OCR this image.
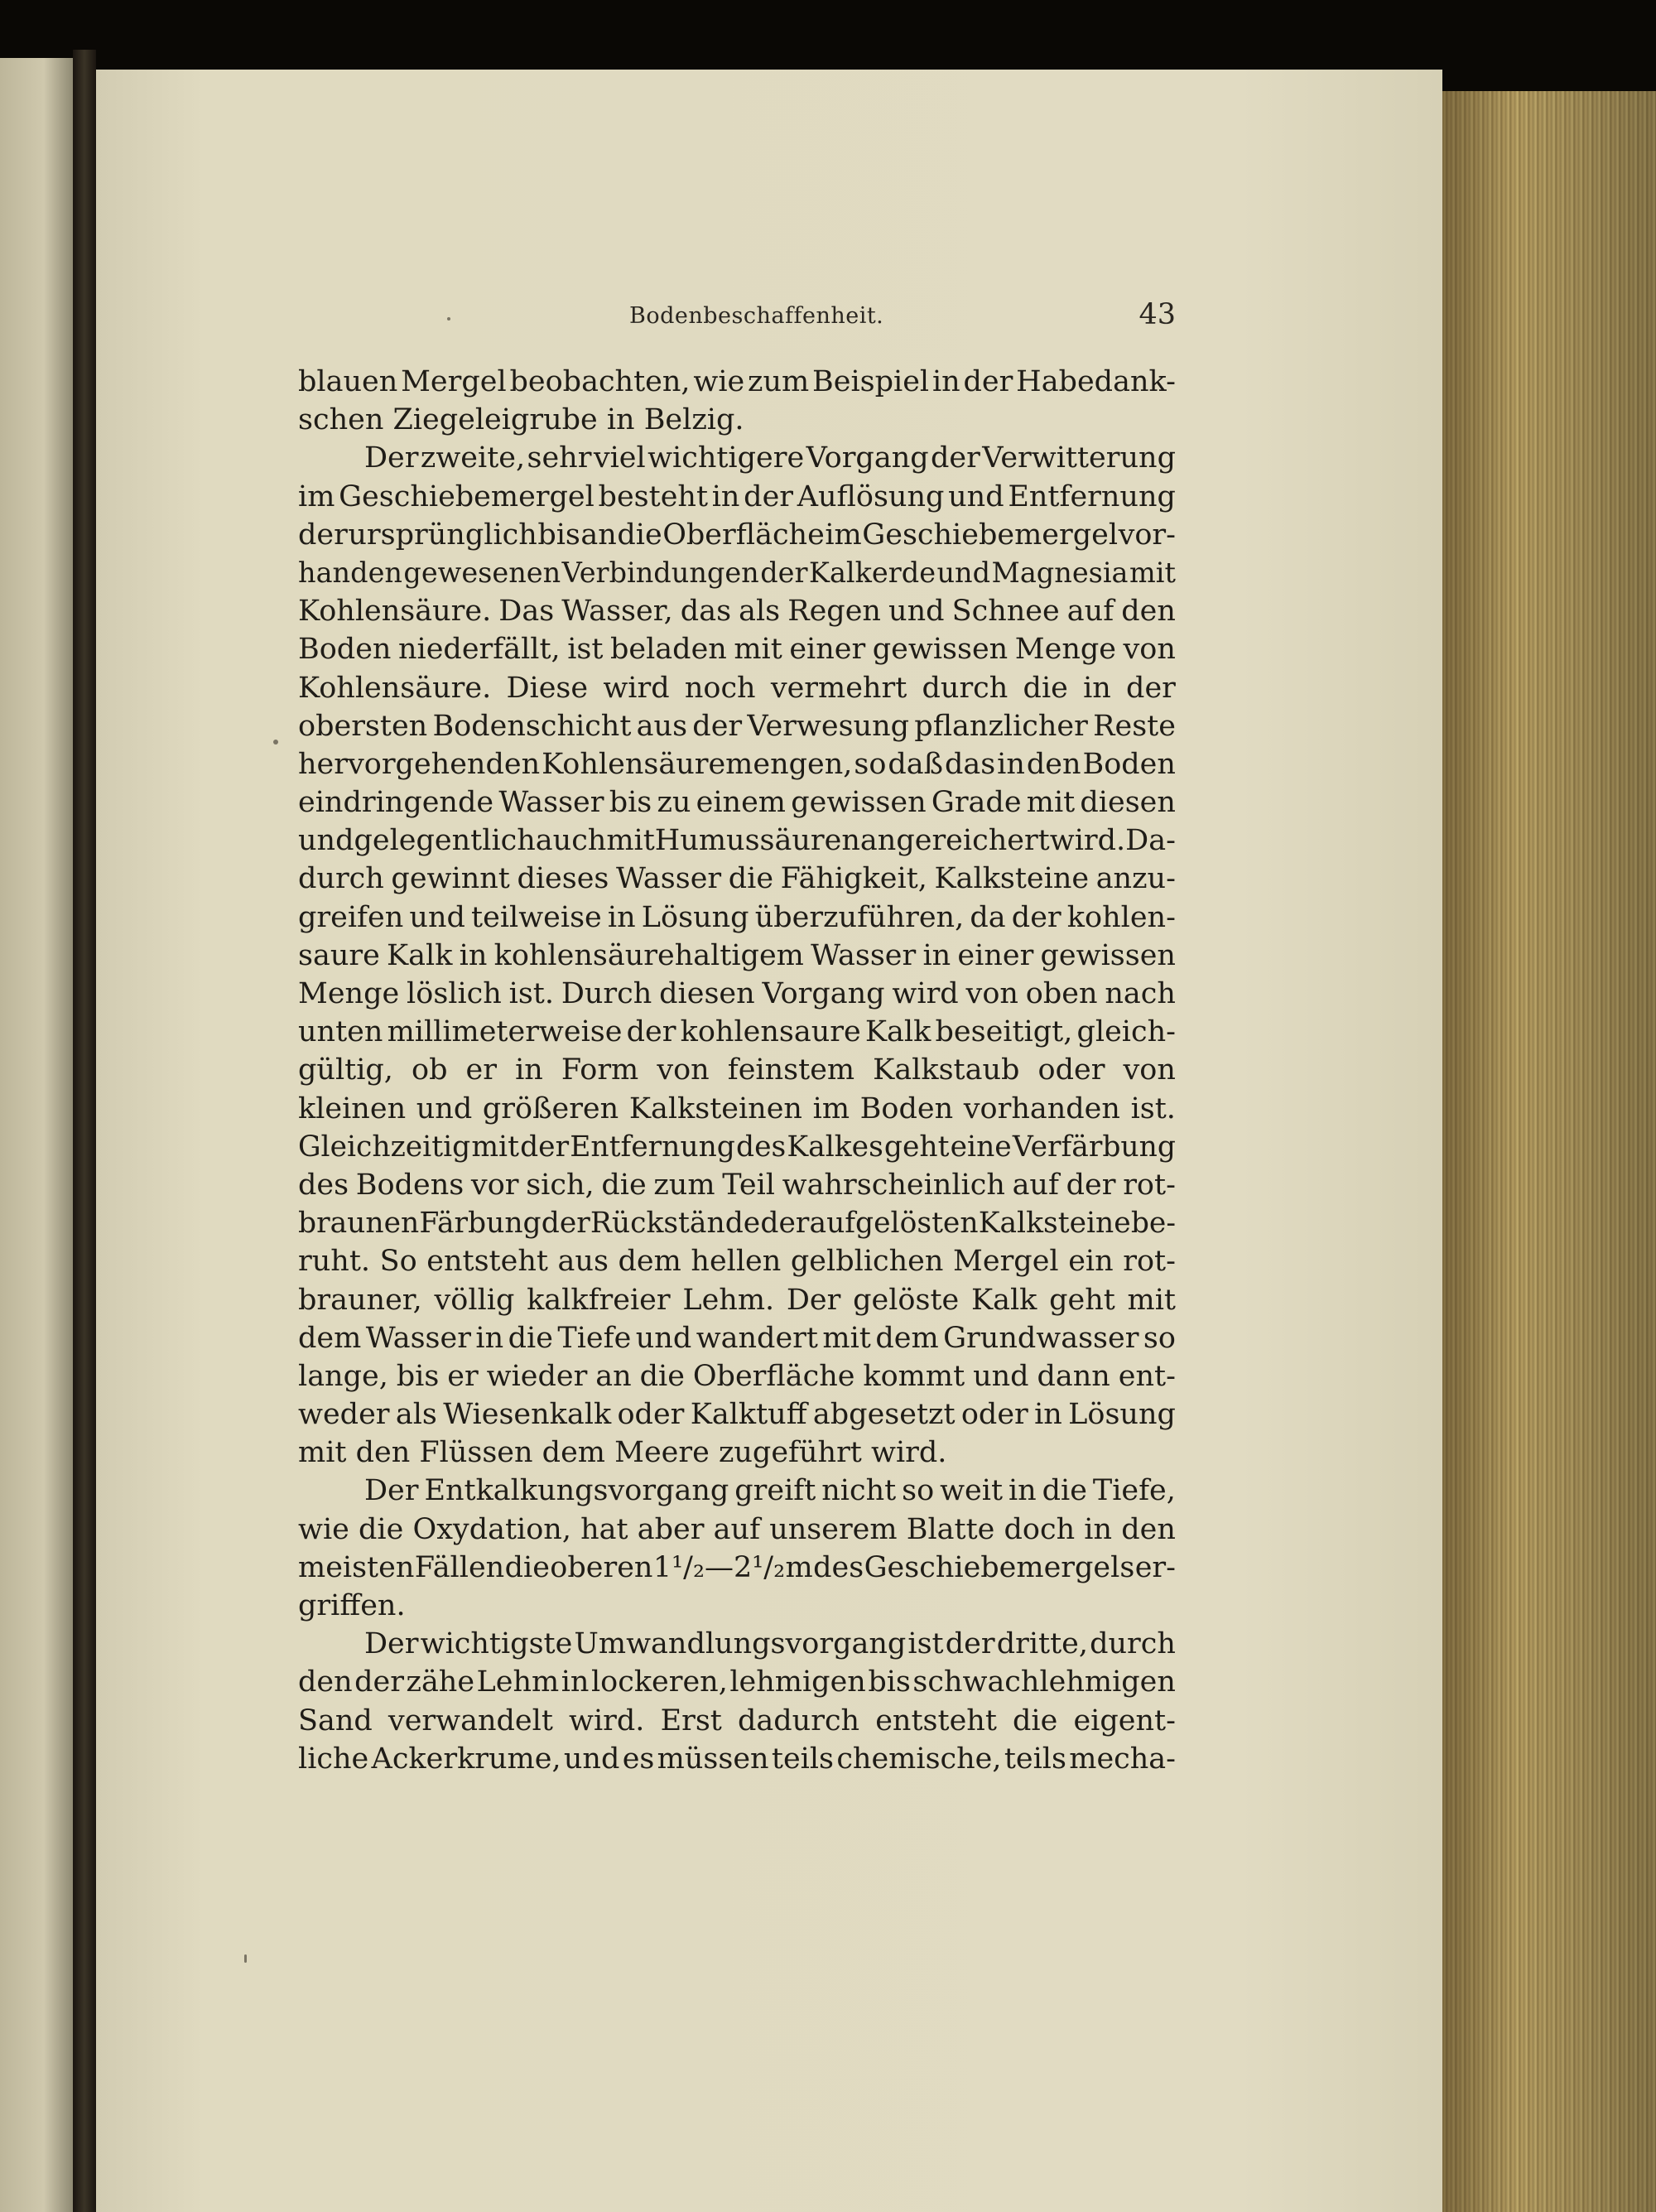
Bodenbeschaffenheit.	43
blauen Mergel beobachten, wie zum Beispiel in der Habedank-
schen Ziegeleigrube in Belzig.
Der zweite, sehr viel wichtigere Vorgang der Verwitterung
im Geschiebemergel besteht in der Auflösung und Entfernung
der ursprünglich bis an die Oberfläche im Geschiebemergel vor-
handen gewesenen Verbindungen der Kalkerde und Magnesia mit
Kohlensäure. Das Wasser, das als Regen und Schnee auf den
Boden niederfällt, ist beladen mit einer gewissen Menge von
Kohlensäure. Diese wird noch vermehrt durch die in der
obersten Bodenschicht aus der Verwesung pflanzlicher Reste
hervorgehenden Kohlensäuremengen, so daß das in den Boden
eindringende Wasser bis zu einem gewissen Grade mit diesen
und gelegentlich auch mit Humussäuren angereichert wird. Da-
durch gewinnt dieses Wasser die Fähigkeit, Kalksteine anzu-
greifen und teilweise in Lösung überzuführen, da der kohlen-
saure Kalk in kohlensäurehaltigem Wasser in einer gewissen
Menge löslich ist. Durch diesen Vorgang wird von oben nach
unten millimeterweise der kohlensaure Kalk beseitigt, gleich-
gültig, ob er in Form von feinstem Kalkstaub oder von
kleinen und größeren Kalksteinen im Boden vorhanden ist.
Gleichzeitig mit der Entfernung des Kalkes geht eine Verfärbung
des Bodens vor sich, die zum Teil wahrscheinlich auf der rot-
braunen Färbung der Rückstände der aufgelösten Kalksteine be-
ruht. So entsteht aus dem hellen gelblichen Mergel ein rot-
brauner, völlig kalkfreier Lehm. Der gelöste Kalk geht mit
dem Wasser in die Tiefe und wandert mit dem Grundwasser so
lange, bis er wieder an die Oberfläche kommt und dann ent-
weder als Wiesenkalk oder Kalktuff abgesetzt oder in Lösung
mit den Flüssen dem Meere zugeführt wird.
Der Entkalkungsvorgang greift nicht so weit in die Tiefe,
wie die Oxydation, hat aber auf unserem Blatte doch in den
meisten Fällen die oberen 1¹/₂—2¹/₂ m des Geschiebemergels er-
griffen.
Der wichtigste Umwandlungsvorgang ist der dritte, durch
den der zähe Lehm in lockeren, lehmigen bis schwachlehmigen
Sand verwandelt wird. Erst dadurch entsteht die eigent-
liche Ackerkrume, und es müssen teils chemische, teils mecha-
